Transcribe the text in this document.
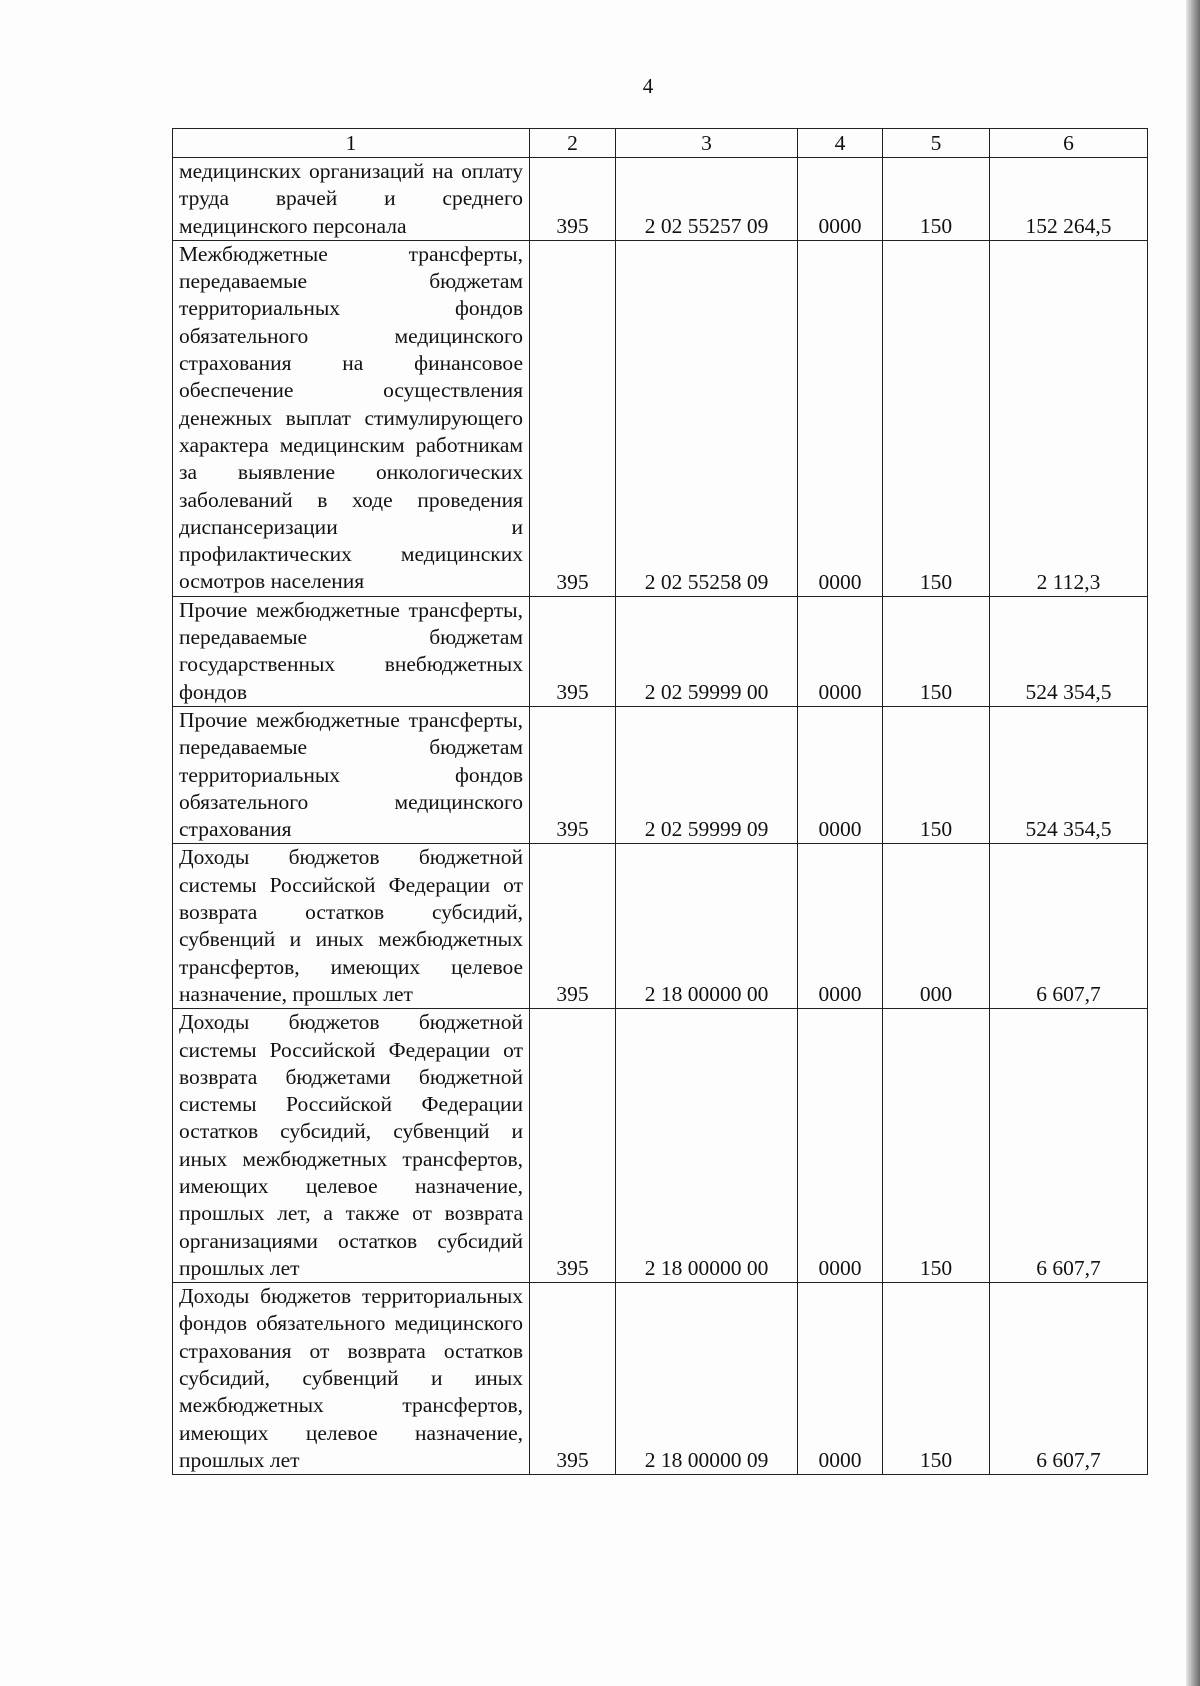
4
1	2	3	4	5	6
медицинских организаций на оплату труда врачей и среднего медицинского персонала	395	2 02 55257 09	0000	150	152 264,5
Межбюджетные трансферты, передаваемые бюджетам территориальных фондов обязательного медицинского страхования на финансовое обеспечение осуществления денежных выплат стимулирующего характера медицинским работникам за выявление онкологических заболеваний в ходе проведения диспансеризации и профилактических медицинских осмотров населения	395	2 02 55258 09	0000	150	2 112,3
Прочие межбюджетные трансферты, передаваемые бюджетам государственных внебюджетных фондов	395	2 02 59999 00	0000	150	524 354,5
Прочие межбюджетные трансферты, передаваемые бюджетам территориальных фондов обязательного медицинского страхования	395	2 02 59999 09	0000	150	524 354,5
Доходы бюджетов бюджетной системы Российской Федерации от возврата остатков субсидий, субвенций и иных межбюджетных трансфертов, имеющих целевое назначение, прошлых лет	395	2 18 00000 00	0000	000	6 607,7
Доходы бюджетов бюджетной системы Российской Федерации от возврата бюджетами бюджетной системы Российской Федерации остатков субсидий, субвенций и иных межбюджетных трансфертов, имеющих целевое назначение, прошлых лет, а также от возврата организациями остатков субсидий прошлых лет	395	2 18 00000 00	0000	150	6 607,7
Доходы бюджетов территориальных фондов обязательного медицинского страхования от возврата остатков субсидий, субвенций и иных межбюджетных трансфертов, имеющих целевое назначение, прошлых лет	395	2 18 00000 09	0000	150	6 607,7
